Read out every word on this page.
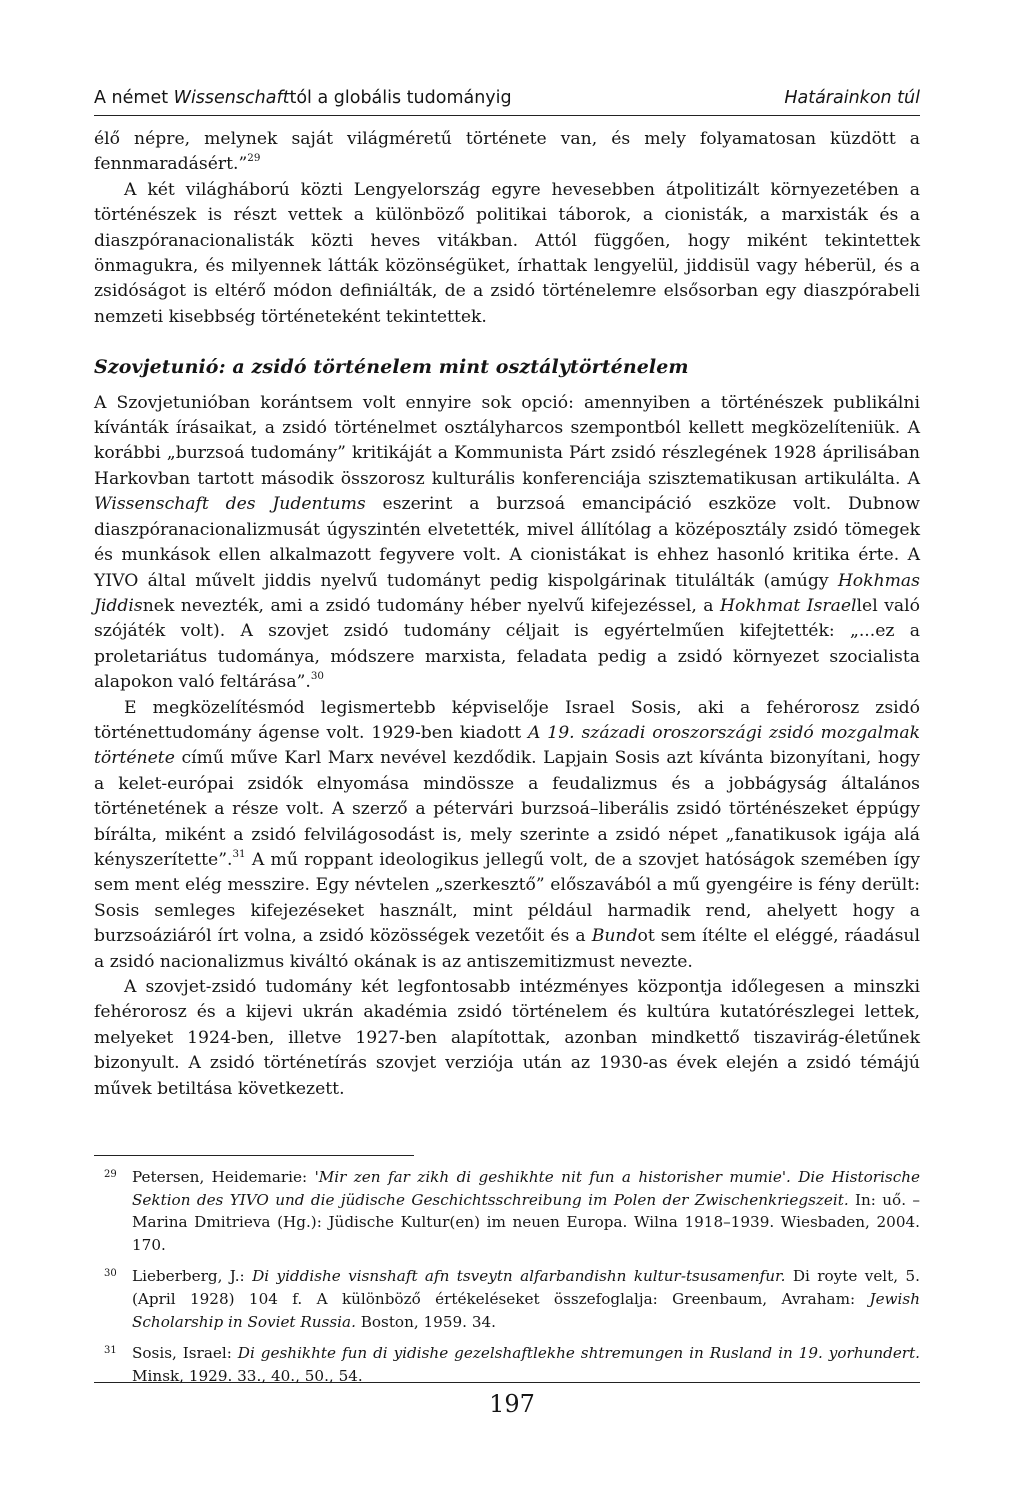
A német Wissenschafttól a globális tudományig	Határainkon túl

élő népre, melynek saját világméretű története van, és mely folyamatosan küzdött a fennmaradásért.”$^{29}$

A két világháború közti Lengyelország egyre hevesebben átpolitizált környezetében a történészek is részt vettek a különböző politikai táborok, a cionisták, a marxisták és a diaszpóranacionalisták közti heves vitákban. Attól függően, hogy miként tekintettek önmagukra, és milyennek látták közönségüket, írhattak lengyelül, jiddisül vagy héberül, és a zsidóságot is eltérő módon definiálták, de a zsidó történelemre elsősorban egy diaszpórabeli nemzeti kisebbség történeteként tekintettek.

Szovjetunió: a zsidó történelem mint osztálytörténelem

A Szovjetunióban korántsem volt ennyire sok opció: amennyiben a történészek publikálni kívánták írásaikat, a zsidó történelmet osztályharcos szempontból kellett megközelíteniük. A korábbi „burzsoá tudomány” kritikáját a Kommunista Párt zsidó részlegének 1928 áprilisában Harkovban tartott második összorosz kulturális konferenciája szisztematikusan artikulálta. A Wissenschaft des Judentums eszerint a burzsoá emancipáció eszköze volt. Dubnow diaszpóranacionalizmusát úgyszintén elvetették, mivel állítólag a középosztály zsidó tömegek és munkások ellen alkalmazott fegyvere volt. A cionistákat is ehhez hasonló kritika érte. A YIVO által művelt jiddis nyelvű tudományt pedig kispolgárinak titulálták (amúgy Hokhmas Jiddisnek nevezték, ami a zsidó tudomány héber nyelvű kifejezéssel, a Hokhmat Israellel való szójáték volt). A szovjet zsidó tudomány céljait is egyértelműen kifejtették: „...ez a proletariátus tudománya, módszere marxista, feladata pedig a zsidó környezet szocialista alapokon való feltárása”.$^{30}$

E megközelítésmód legismertebb képviselője Israel Sosis, aki a fehérorosz zsidó történettudomány ágense volt. 1929-ben kiadott A 19. századi oroszországi zsidó mozgalmak története című műve Karl Marx nevével kezdődik. Lapjain Sosis azt kívánta bizonyítani, hogy a kelet-európai zsidók elnyomása mindössze a feudalizmus és a jobbágyság általános történetének a része volt. A szerző a pétervári burzsoá–liberális zsidó történészeket éppúgy bírálta, miként a zsidó felvilágosodást is, mely szerinte a zsidó népet „fanatikusok igája alá kényszerítette”.$^{31}$ A mű roppant ideologikus jellegű volt, de a szovjet hatóságok szemében így sem ment elég messzire. Egy névtelen „szerkesztő” előszavából a mű gyengéire is fény derült: Sosis semleges kifejezéseket használt, mint például harmadik rend, ahelyett hogy a burzsoáziáról írt volna, a zsidó közösségek vezetőit és a Bundot sem ítélte el eléggé, ráadásul a zsidó nacionalizmus kiváltó okának is az antiszemitizmust nevezte.

A szovjet-zsidó tudomány két legfontosabb intézményes központja időlegesen a minszki fehérorosz és a kijevi ukrán akadémia zsidó történelem és kultúra kutatórészlegei lettek, melyeket 1924-ben, illetve 1927-ben alapítottak, azonban mindkettő tiszavirág-életűnek bizonyult. A zsidó történetírás szovjet verziója után az 1930-as évek elején a zsidó témájú művek betiltása következett.

29 Petersen, Heidemarie: 'Mir zen far zikh di geshikhte nit fun a historisher mumie'. Die Historische Sektion des YIVO und die jüdische Geschichtsschreibung im Polen der Zwischenkriegszeit. In: uő. – Marina Dmitrieva (Hg.): Jüdische Kultur(en) im neuen Europa. Wilna 1918–1939. Wiesbaden, 2004. 170.
30 Lieberberg, J.: Di yiddishe visnshaft afn tsveytn alfarbandishn kultur-tsusamenfur. Di royte velt, 5. (April 1928) 104 f. A különböző értékeléseket összefoglalja: Greenbaum, Avraham: Jewish Scholarship in Soviet Russia. Boston, 1959. 34.
31 Sosis, Israel: Di geshikhte fun di yidishe gezelshaftlekhe shtremungen in Rusland in 19. yorhundert. Minsk, 1929. 33., 40., 50., 54.
197
